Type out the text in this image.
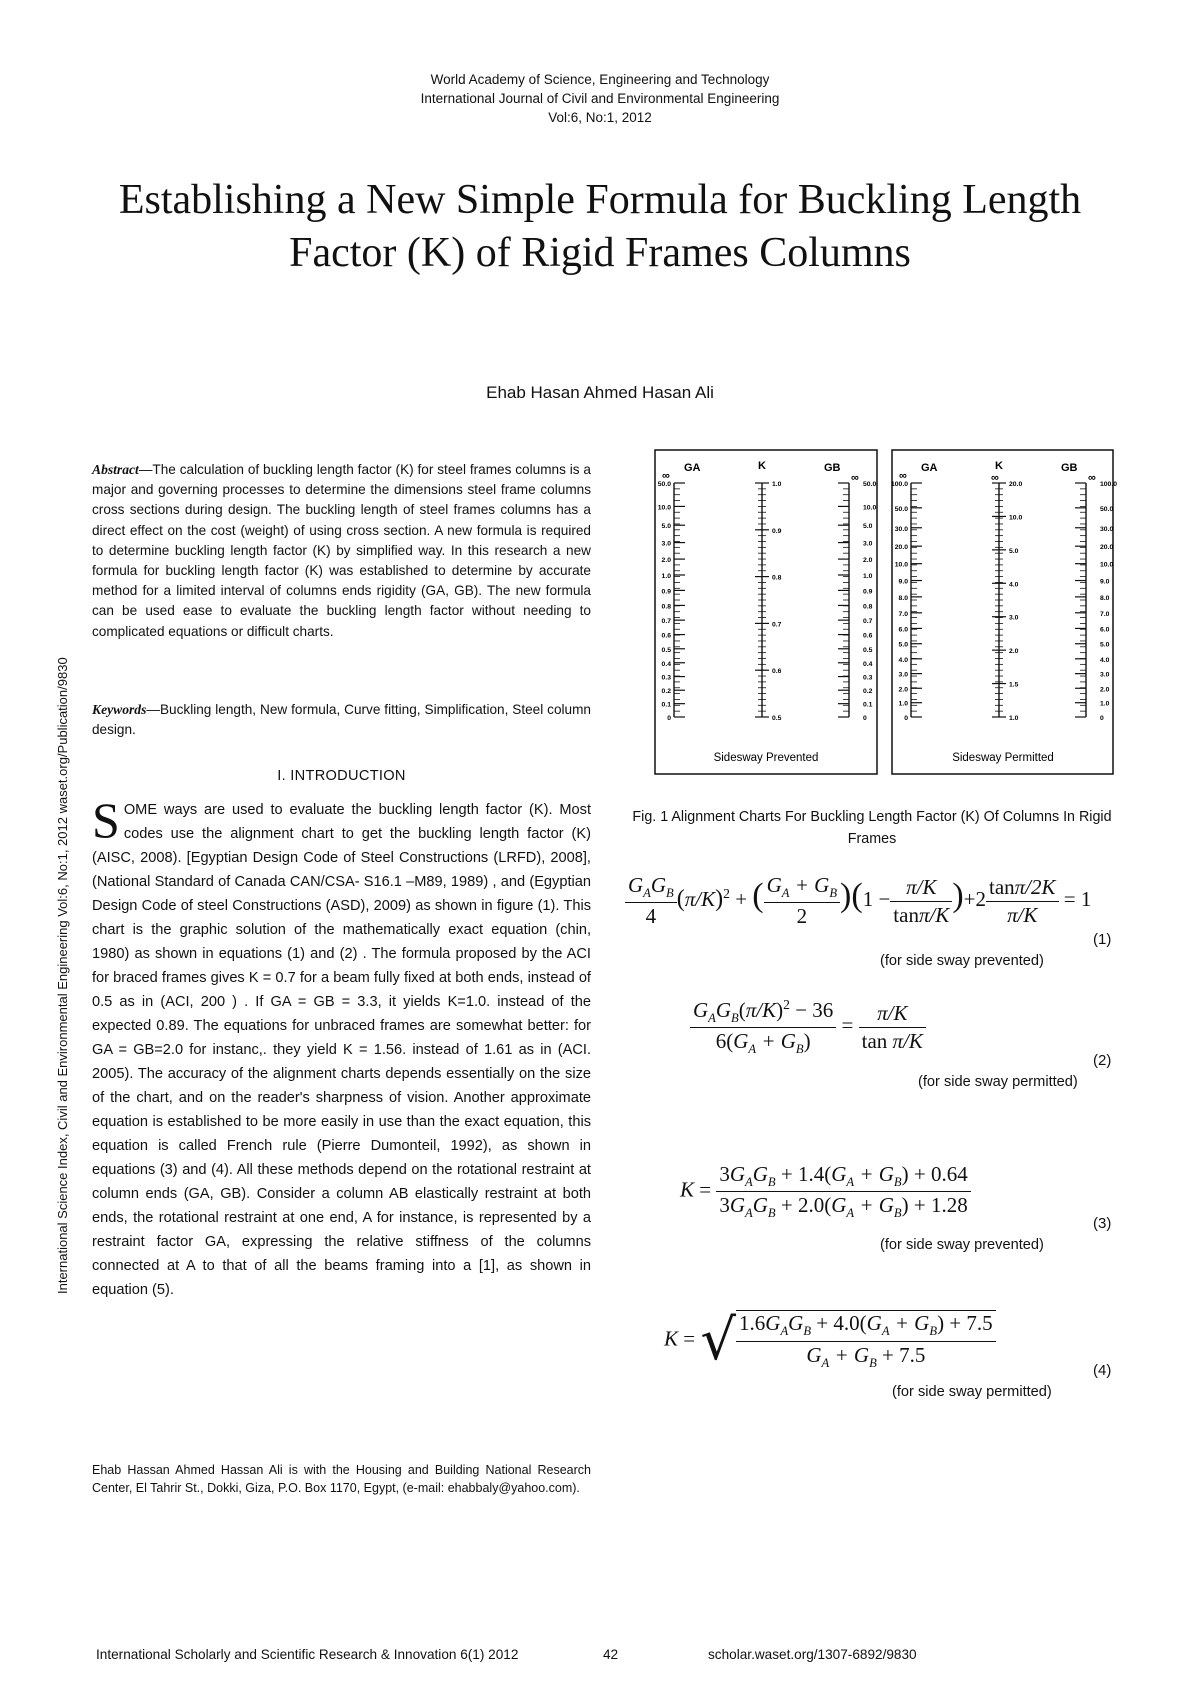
World Academy of Science, Engineering and Technology
International Journal of Civil and Environmental Engineering
Vol:6, No:1, 2012
Establishing a New Simple Formula for Buckling Length Factor (K) of Rigid Frames Columns
Ehab Hasan Ahmed Hasan Ali
International Science Index, Civil and Environmental Engineering Vol:6, No:1, 2012 waset.org/Publication/9830
Abstract—The calculation of buckling length factor (K) for steel frames columns is a major and governing processes to determine the dimensions steel frame columns cross sections during design. The buckling length of steel frames columns has a direct effect on the cost (weight) of using cross section. A new formula is required to determine buckling length factor (K) by simplified way. In this research a new formula for buckling length factor (K) was established to determine by accurate method for a limited interval of columns ends rigidity (GA, GB). The new formula can be used ease to evaluate the buckling length factor without needing to complicated equations or difficult charts.
Keywords—Buckling length, New formula, Curve fitting, Simplification, Steel column design.
I. INTRODUCTION
SOME ways are used to evaluate the buckling length factor (K). Most codes use the alignment chart to get the buckling length factor (K) (AISC, 2008). [Egyptian Design Code of Steel Constructions (LRFD), 2008], (National Standard of Canada CAN/CSA- S16.1 –M89, 1989) , and (Egyptian Design Code of steel Constructions (ASD), 2009) as shown in figure (1). This chart is the graphic solution of the mathematically exact equation (chin, 1980) as shown in equations (1) and (2) . The formula proposed by the ACI for braced frames gives K = 0.7 for a beam fully fixed at both ends, instead of 0.5 as in (ACI, 200 ) . If GA = GB = 3.3, it yields K=1.0. instead of the expected 0.89. The equations for unbraced frames are somewhat better: for GA = GB=2.0 for instanc,. they yield K = 1.56. instead of 1.61 as in (ACI. 2005). The accuracy of the alignment charts depends essentially on the size of the chart, and on the reader's sharpness of vision. Another approximate equation is established to be more easily in use than the exact equation, this equation is called French rule (Pierre Dumonteil, 1992), as shown in equations (3) and (4). All these methods depend on the rotational restraint at column ends (GA, GB). Consider a column AB elastically restraint at both ends, the rotational restraint at one end, A for instance, is represented by a restraint factor GA, expressing the relative stiffness of the columns connected at A to that of all the beams framing into a [1], as shown in equation (5).
Ehab Hassan Ahmed Hassan Ali is with the Housing and Building National Research Center, El Tahrir St., Dokki, Giza, P.O. Box 1170, Egypt, (e-mail: ehabbaly@yahoo.com).
50.0
10.0
5.0
3.0
2.0
1.0
0.9
0.8
0.7
0.6
0.5
0.4
0.3
0.2
0.1
0
1.0
0.9
0.8
0.7
0.6
0.5
50.0
10.0
5.0
3.0
2.0
1.0
0.9
0.8
0.7
0.6
0.5
0.4
0.3
0.2
0.1
0
∞
GA	K	GB
∞
100.0
50.0
30.0
20.0
10.0
9.0
8.0
7.0
6.0
5.0
4.0
3.0
2.0
1.0
0
20.0
10.0
5.0
4.0
3.0
2.0
1.5
1.0
100.0
50.0
30.0
20.0
10.0
9.0
8.0
7.0
6.0
5.0
4.0
3.0
2.0
1.0
0
∞
GA	K
∞
GB
∞
Sidesway Prevented	Sidesway Permitted
Fig. 1 Alignment Charts For Buckling Length Factor (K) Of Columns In Rigid Frames
$\frac{G_AG_B}{4} (\pi/K)^2$ + ( $\frac{G_A + G_B}{2} )(1 - \frac{\pi/K}{\tan\pi/K} )+2 \frac{\tan\pi/2K}{\pi/K} = 1$
(1)
(for side sway prevented)
$\frac{G_AG_B(\pi/K)^2 - 36}{6(G_A + G_B)} = \frac{\pi/K}{\text{tan π/K}}$
(2)
(for side sway permitted)
$K = \frac{3G_AG_B + 1.4(G_A + G_B) + 0.64}{3G_AG_B + 2.0(G_A + G_B) + 1.28}$
(3)
(for side sway prevented)
K = √ $\frac{1.6G_AG_B + 4.0(G_A + G_B) + 7.5}{G_A + G_B + 7.5}$	(4)
(for side sway permitted)
International Scholarly and Scientific Research & Innovation 6(1) 2012	42	scholar.waset.org/1307-6892/9830
